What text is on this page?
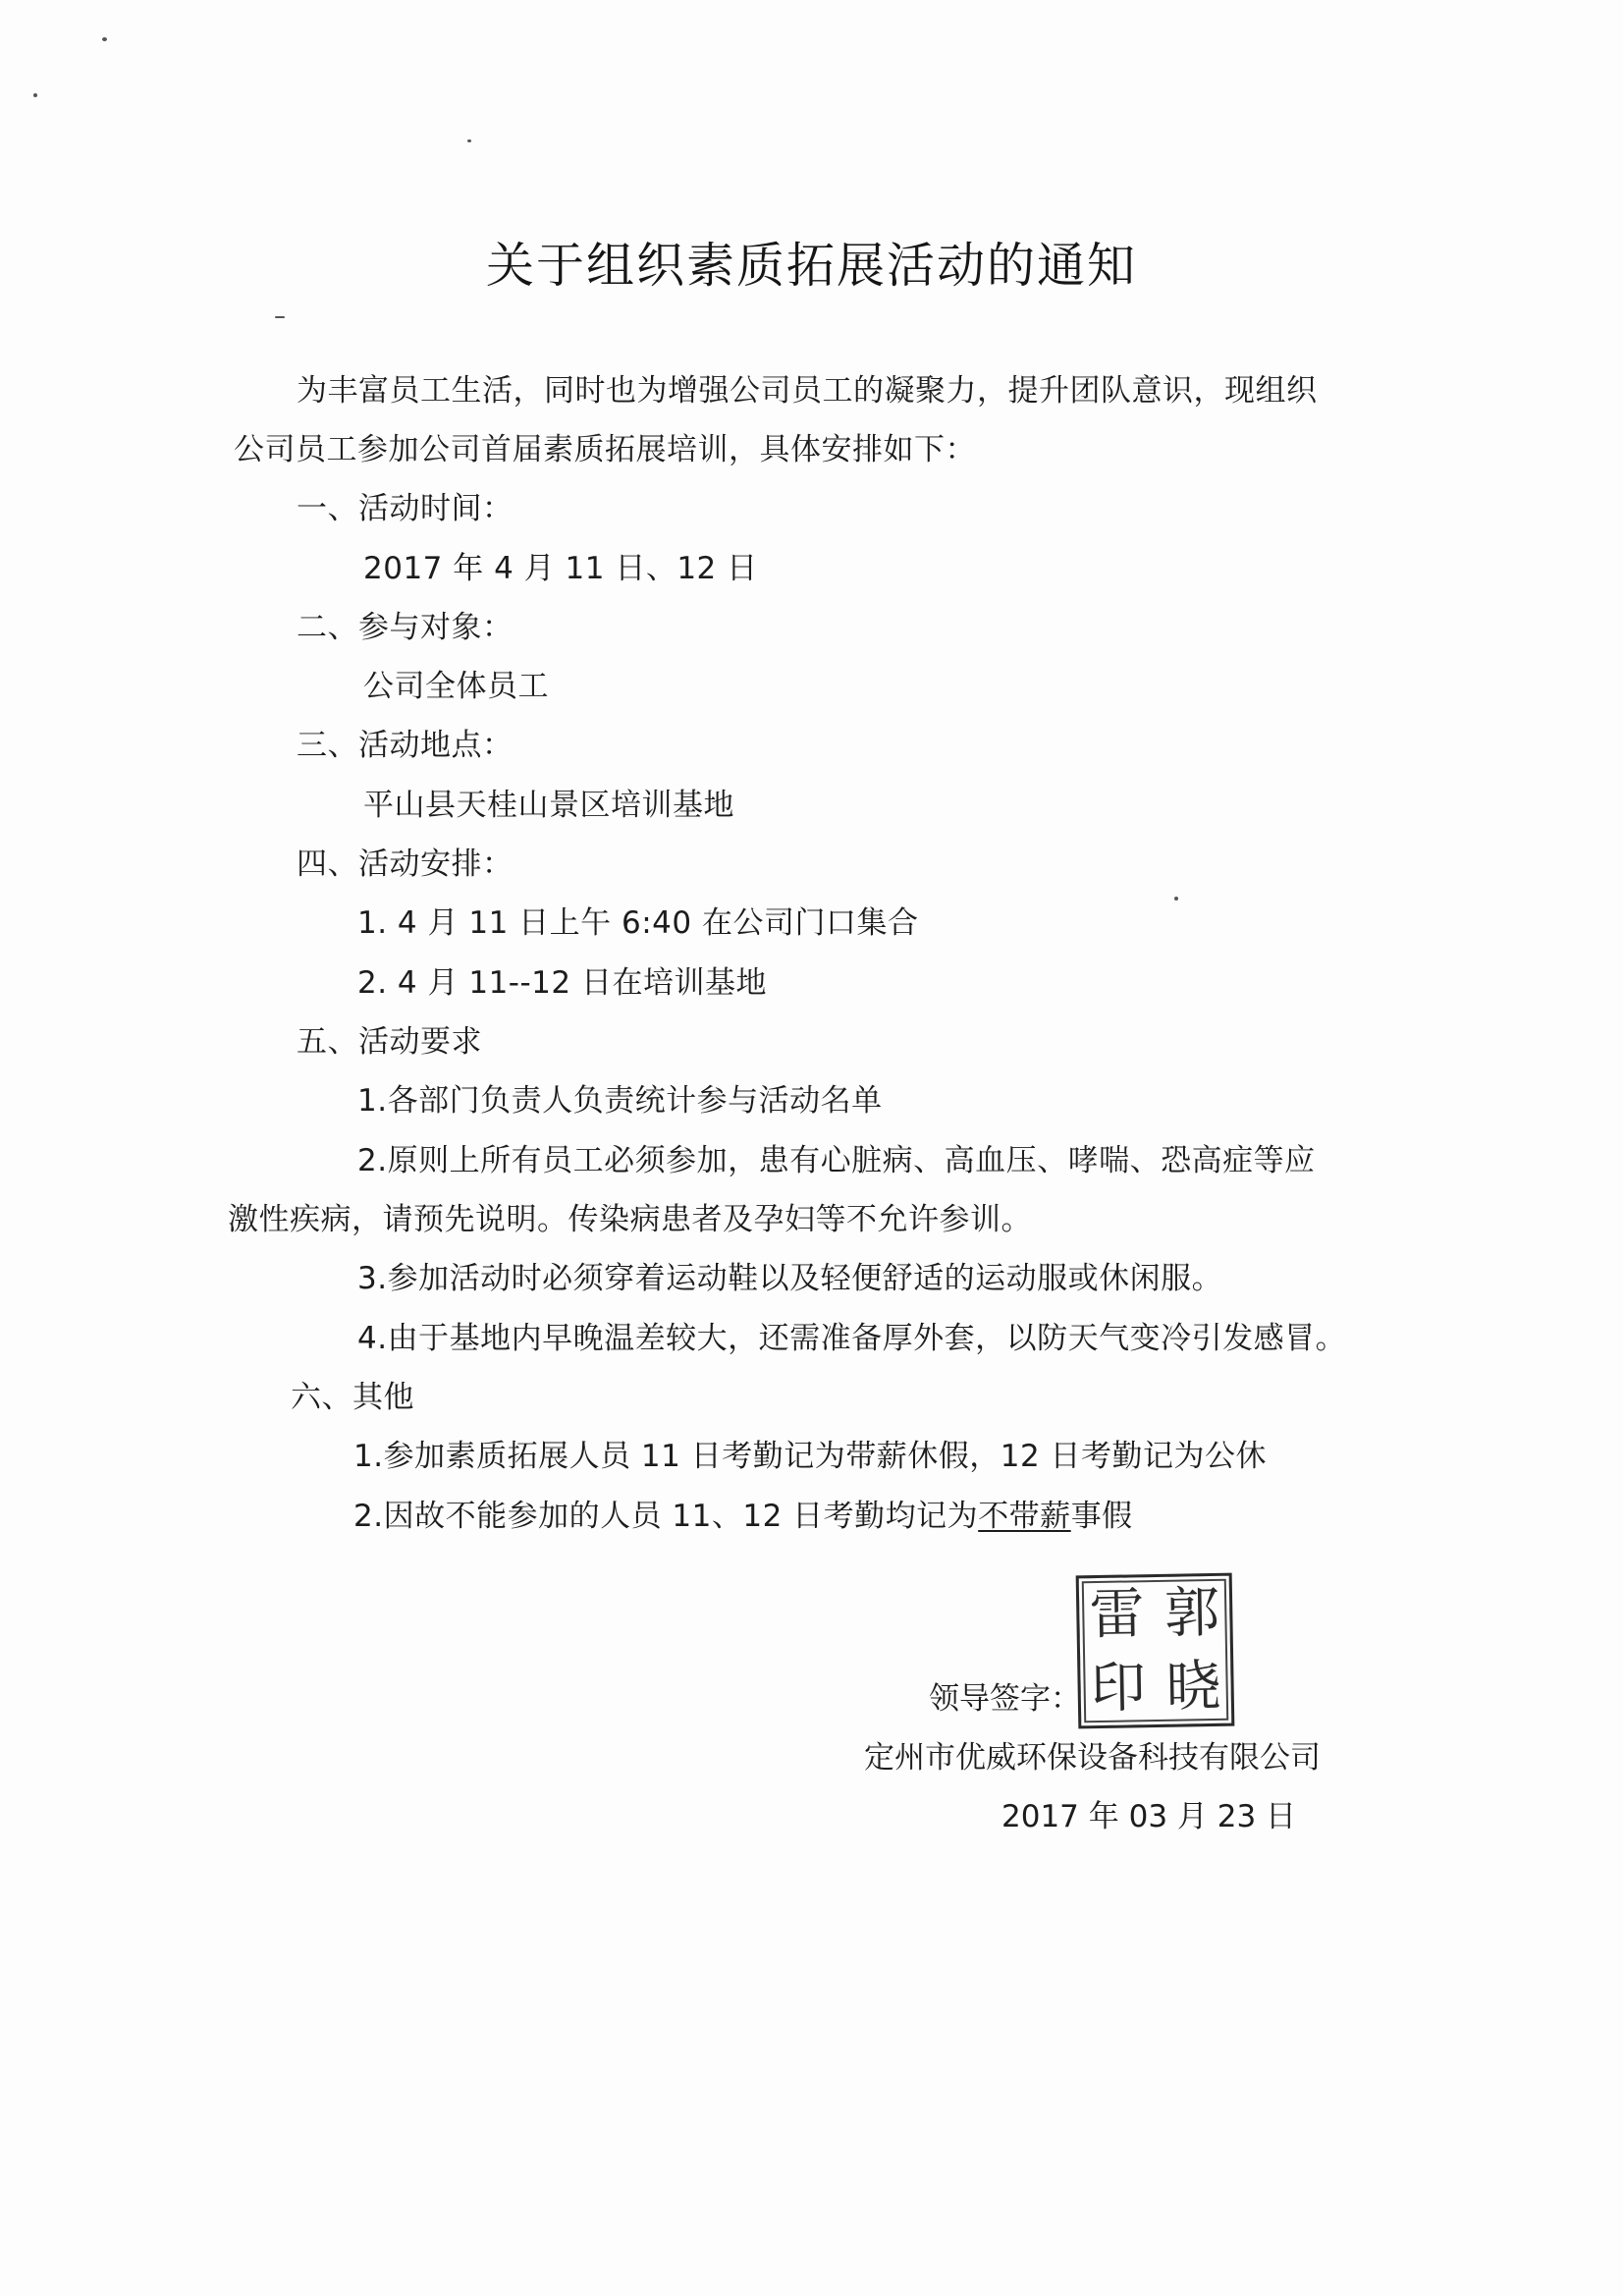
关于组织素质拓展活动的通知
为丰富员工生活，同时也为增强公司员工的凝聚力，提升团队意识，现组织
公司员工参加公司首届素质拓展培训，具体安排如下：
一、活动时间：
2017 年 4 月 11 日、12 日
二、参与对象：
公司全体员工
三、活动地点：
平山县天桂山景区培训基地
四、活动安排：
1. 4 月 11 日上午 6:40 在公司门口集合
2. 4 月 11--12 日在培训基地
五、活动要求
1.各部门负责人负责统计参与活动名单
2.原则上所有员工必须参加，患有心脏病、高血压、哮喘、恐高症等应
激性疾病，请预先说明。传染病患者及孕妇等不允许参训。
3.参加活动时必须穿着运动鞋以及轻便舒适的运动服或休闲服。
4.由于基地内早晚温差较大，还需准备厚外套，以防天气变冷引发感冒。
六、其他
1.参加素质拓展人员 11 日考勤记为带薪休假，12 日考勤记为公休
2.因故不能参加的人员 11、12 日考勤均记为不带薪事假
领导签字：
雷 郭
印 晓
定州市优威环保设备科技有限公司
2017 年 03 月 23 日
